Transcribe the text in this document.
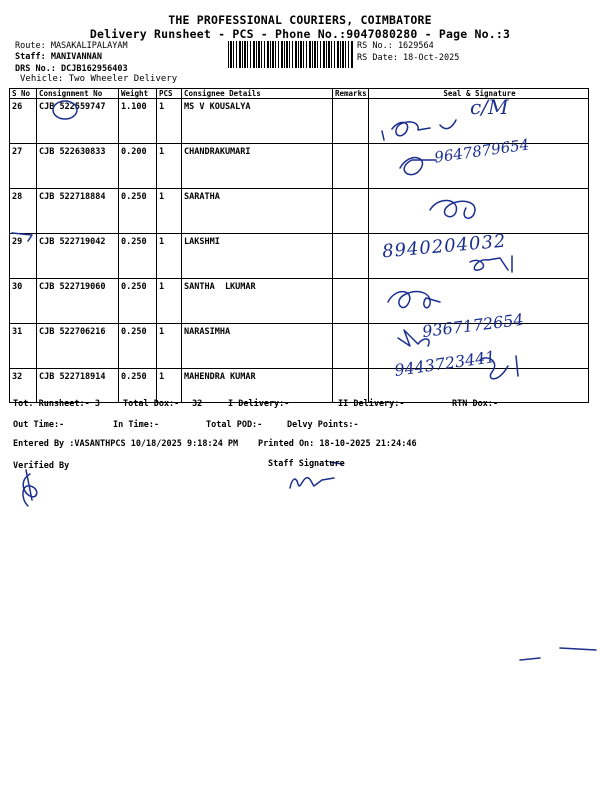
THE PROFESSIONAL COURIERS, COIMBATORE
Delivery Runsheet - PCS - Phone No.:9047080280 - Page No.:3
Route: MASAKALIPALAYAM
Staff: MANIVANNAN
DRS No.: DCJB162956403
Vehicle: Two Wheeler Delivery
RS No.: 1629564
RS Date: 18-Oct-2025
S No	Consignment No	Weight	PCS	Consignee Details	Remarks	Seal & Signature
26	CJB 522559747	1.100	1	MS V KOUSALYA		
27	CJB 522630833	0.200	1	CHANDRAKUMARI		
28	CJB 522718884	0.250	1	SARATHA		
29	CJB 522719042	0.250	1	LAKSHMI		
30	CJB 522719060	0.250	1	SANTHA  LKUMAR		
31	CJB 522706216	0.250	1	NARASIMHA		
32	CJB 522718914	0.250	1	MAHENDRA KUMAR		
c/M
9647879654
8940204032
9367172654
9443723441
Tot. Runsheet:- 3	Total Dox:- 32	I Delivery:-	II Delivery:-	RTN Dox:-
Out Time:-	In Time:-	Total POD:-	Delvy Points:-
Entered By :VASANTHPCS 10/18/2025 9:18:24 PM Printed On: 18-10-2025 21:24:46
Verified By	Staff Signature
